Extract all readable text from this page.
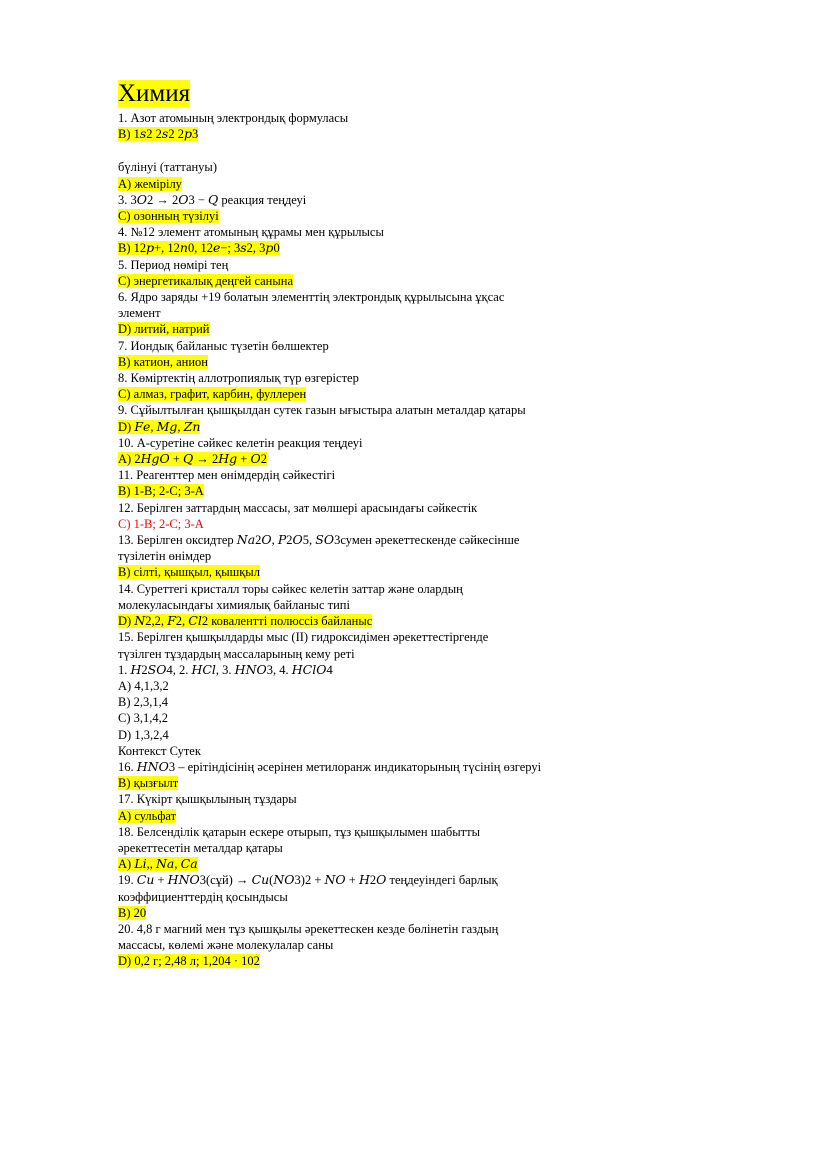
Химия
1. Азот атомының электрондық формуласы
B) 1𝑠2 2𝑠2 2𝑝3
бүлінуі (таттануы)
A) жемірілу
3. 3𝑂2 → 2𝑂3 − 𝑄 реакция теңдеуі
C) озонның түзілуі
4. №12 элемент атомының құрамы мен құрылысы
B) 12𝑝+, 12𝑛0, 12𝑒−; 3𝑠2, 3𝑝0
5. Период нөмірі тең
C) энергетикалық деңгей санына
6. Ядро заряды +19 болатын элементтің электрондық құрылысына ұқсас
элемент
D) литий, натрий
7. Иондық байланыс түзетін бөлшектер
B) катион, анион
8. Көміртектің аллотропиялық түр өзгерістер
C) алмаз, графит, карбин, фуллерен
9. Сұйылтылған қышқылдан сутек газын ығыстыра алатын металдар қатары
D) 𝐹𝑒, 𝑀𝑔, 𝑍𝑛
10. А-суретіне сәйкес келетін реакция теңдеуі
A) 2𝐻𝑔𝑂 + 𝑄 → 2𝐻𝑔 + 𝑂2
11. Реагенттер мен өнімдердің сәйкестігі
B) 1-B; 2-C; 3-A
12. Берілген заттардың массасы, зат мөлшері арасындағы сәйкестік
C) 1-B; 2-C; 3-A
13. Берілген оксидтер 𝑁𝑎2𝑂, 𝑃2𝑂5, 𝑆𝑂3сумен әрекеттескенде сәйкесінше
түзілетін өнімдер
B) сілті, қышқыл, қышқыл
14. Суреттегі кристалл торы сәйкес келетін заттар және олардың
молекуласындағы химиялық байланыс типі
D) 𝑁2,2, 𝐹2, 𝐶𝑙2 ковалентті полюссіз байланыс
15. Берілген қышқылдарды мыс (II) гидроксидімен әрекеттестіргенде
түзілген тұздардың массаларының кему реті
1. 𝐻2𝑆𝑂4, 2. 𝐻𝐶𝑙, 3. 𝐻𝑁𝑂3, 4. 𝐻𝐶𝑙𝑂4
A) 4,1,3,2
B) 2,3,1,4
C) 3,1,4,2
D) 1,3,2,4
Контекст Сутек
16. 𝐻𝑁𝑂3 – ерітіндісінің әсерінен метилоранж индикаторының түсінің өзгеруі
B) қызғылт
17. Күкірт қышқылының тұздары
A) сульфат
18. Белсенділік қатарын ескере отырып, тұз қышқылымен шабытты
әрекеттесетін металдар қатары
A) 𝐿𝑖,, 𝑁𝑎, 𝐶𝑎
19. 𝐶𝑢 + 𝐻𝑁𝑂3(сұй) → 𝐶𝑢(𝑁𝑂3)2 + 𝑁𝑂 + 𝐻2𝑂 теңдеуіндегі барлық
коэффициенттердің қосындысы
B) 20
20. 4,8 г магний мен тұз қышқылы әрекеттескен кезде бөлінетін газдың
массасы, көлемі және молекулалар саны
D) 0,2 г; 2,48 л; 1,204 · 102
